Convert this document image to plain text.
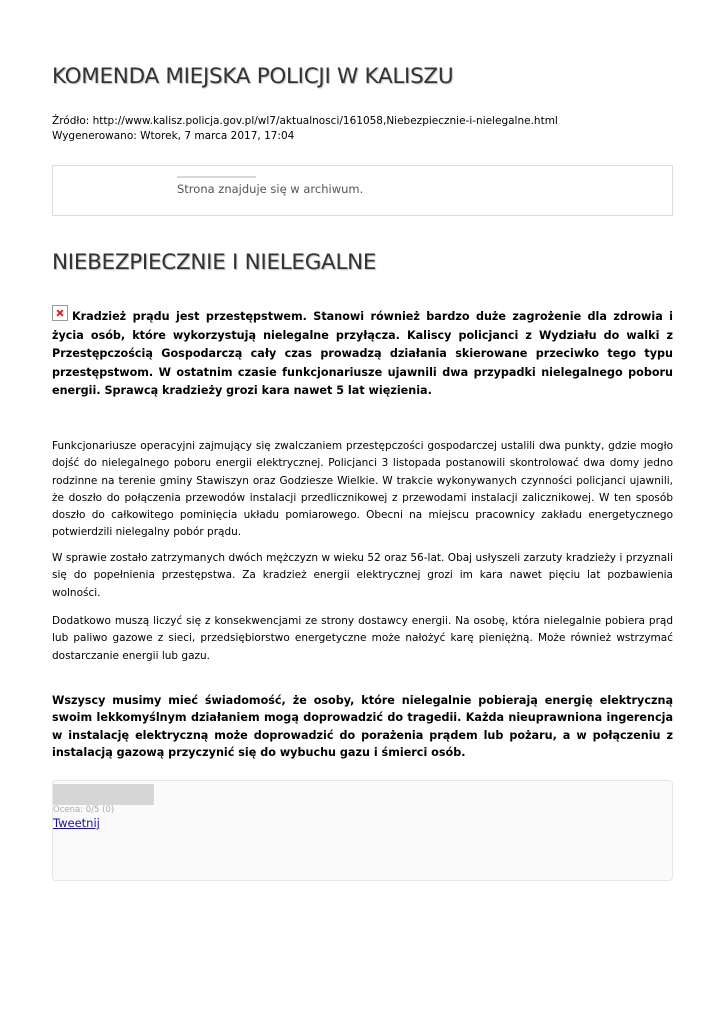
KOMENDA MIEJSKA POLICJI W KALISZU
Źródło: http://www.kalisz.policja.gov.pl/wl7/aktualnosci/161058,Niebezpiecznie-i-nielegalne.html
Wygenerowano: Wtorek, 7 marca 2017, 17:04
Strona znajduje się w archiwum.
NIEBEZPIECZNIE I NIELEGALNE

Kradzież prądu jest przestępstwem. Stanowi również bardzo duże zagrożenie dla zdrowia i życia osób, które wykorzystują nielegalne przyłącza. Kaliscy policjanci z Wydziału do walki z Przestępczością Gospodarczą cały czas prowadzą działania skierowane przeciwko tego typu przestępstwom. W ostatnim czasie funkcjonariusze ujawnili dwa przypadki nielegalnego poboru energii. Sprawcą kradzieży grozi kara nawet 5 lat więzienia.

Funkcjonariusze operacyjni zajmujący się zwalczaniem przestępczości gospodarczej ustalili dwa punkty, gdzie mogło dojść do nielegalnego poboru energii elektrycznej. Policjanci 3 listopada postanowili skontrolować dwa domy jedno rodzinne na terenie gminy Stawiszyn oraz Godziesze Wielkie. W trakcie wykonywanych czynności policjanci ujawnili, że doszło do połączenia przewodów instalacji przedlicznikowej z przewodami instalacji zalicznikowej. W ten sposób doszło do całkowitego pominięcia układu pomiarowego. Obecni na miejscu pracownicy zakładu energetycznego potwierdzili nielegalny pobór prądu.

W sprawie zostało zatrzymanych dwóch mężczyzn w wieku 52 oraz 56-lat. Obaj usłyszeli zarzuty kradzieży i przyznali się do popełnienia przestępstwa. Za kradzież energii elektrycznej grozi im kara nawet pięciu lat pozbawienia wolności.

Dodatkowo muszą liczyć się z konsekwencjami ze strony dostawcy energii. Na osobę, która nielegalnie pobiera prąd lub paliwo gazowe z sieci, przedsiębiorstwo energetyczne może nałożyć karę pieniężną. Może również wstrzymać dostarczanie energii lub gazu.

Wszyscy musimy mieć świadomość, że osoby, które nielegalnie pobierają energię elektryczną swoim lekkomyślnym działaniem mogą doprowadzić do tragedii. Każda nieuprawniona ingerencja w instalację elektryczną może doprowadzić do porażenia prądem lub pożaru, a w połączeniu z instalacją gazową przyczynić się do wybuchu gazu i śmierci osób.

Ocena: 0/5 (0)
Tweetnij
